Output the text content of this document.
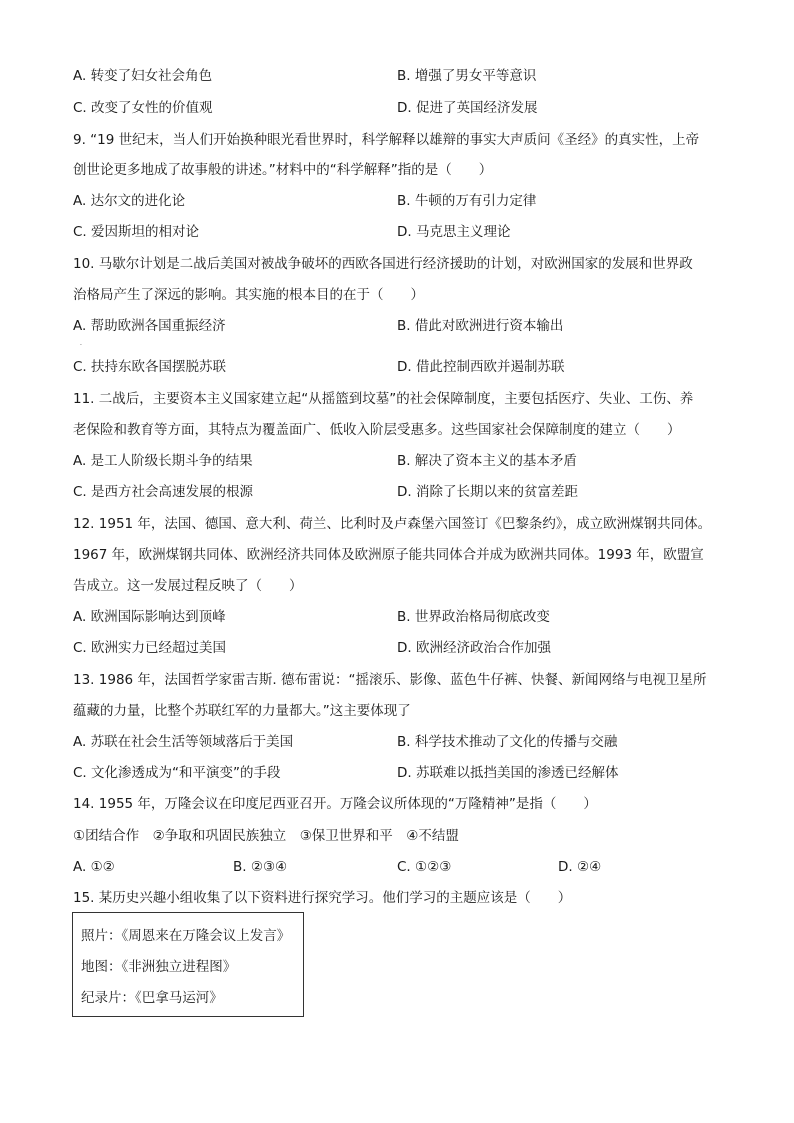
A. 转变了妇女社会角色	B. 增强了男女平等意识
C. 改变了女性的价值观	D. 促进了英国经济发展
9. “19 世纪末，当人们开始换种眼光看世界时，科学解释以雄辩的事实大声质问《圣经》的真实性，上帝
创世论更多地成了故事般的讲述。”材料中的“科学解释”指的是（　　）
A. 达尔文的进化论	B. 牛顿的万有引力定律
C. 爱因斯坦的相对论	D. 马克思主义理论
10. 马歇尔计划是二战后美国对被战争破坏的西欧各国进行经济援助的计划，对欧洲国家的发展和世界政
治格局产生了深远的影响。其实施的根本目的在于（　　）
A. 帮助欧洲各国重振经济	B. 借此对欧洲进行资本输出
·
C. 扶持东欧各国摆脱苏联	D. 借此控制西欧并遏制苏联
11. 二战后，主要资本主义国家建立起“从摇篮到坟墓”的社会保障制度，主要包括医疗、失业、工伤、养
老保险和教育等方面，其特点为覆盖面广、低收入阶层受惠多。这些国家社会保障制度的建立（　　）
A. 是工人阶级长期斗争的结果	B. 解决了资本主义的基本矛盾
C. 是西方社会高速发展的根源	D. 消除了长期以来的贫富差距
12. 1951 年，法国、德国、意大利、荷兰、比利时及卢森堡六国签订《巴黎条约》，成立欧洲煤钢共同体。
1967 年，欧洲煤钢共同体、欧洲经济共同体及欧洲原子能共同体合并成为欧洲共同体。1993 年，欧盟宣
告成立。这一发展过程反映了（　　）
A. 欧洲国际影响达到顶峰	B. 世界政治格局彻底改变
C. 欧洲实力已经超过美国	D. 欧洲经济政治合作加强
13. 1986 年，法国哲学家雷吉斯. 德布雷说：“摇滚乐、影像、蓝色牛仔裤、快餐、新闻网络与电视卫星所
蕴藏的力量，比整个苏联红军的力量都大。”这主要体现了
A. 苏联在社会生活等领域落后于美国	B. 科学技术推动了文化的传播与交融
C. 文化渗透成为“和平演变”的手段	D. 苏联难以抵挡美国的渗透已经解体
14. 1955 年，万隆会议在印度尼西亚召开。万隆会议所体现的“万隆精神”是指（　　）
①团结合作　②争取和巩固民族独立　③保卫世界和平　④不结盟
A. ①②	B. ②③④	C. ①②③	D. ②④
15. 某历史兴趣小组收集了以下资料进行探究学习。他们学习的主题应该是（　　）
照片：《周恩来在万隆会议上发言》
地图：《非洲独立进程图》
纪录片：《巴拿马运河》
